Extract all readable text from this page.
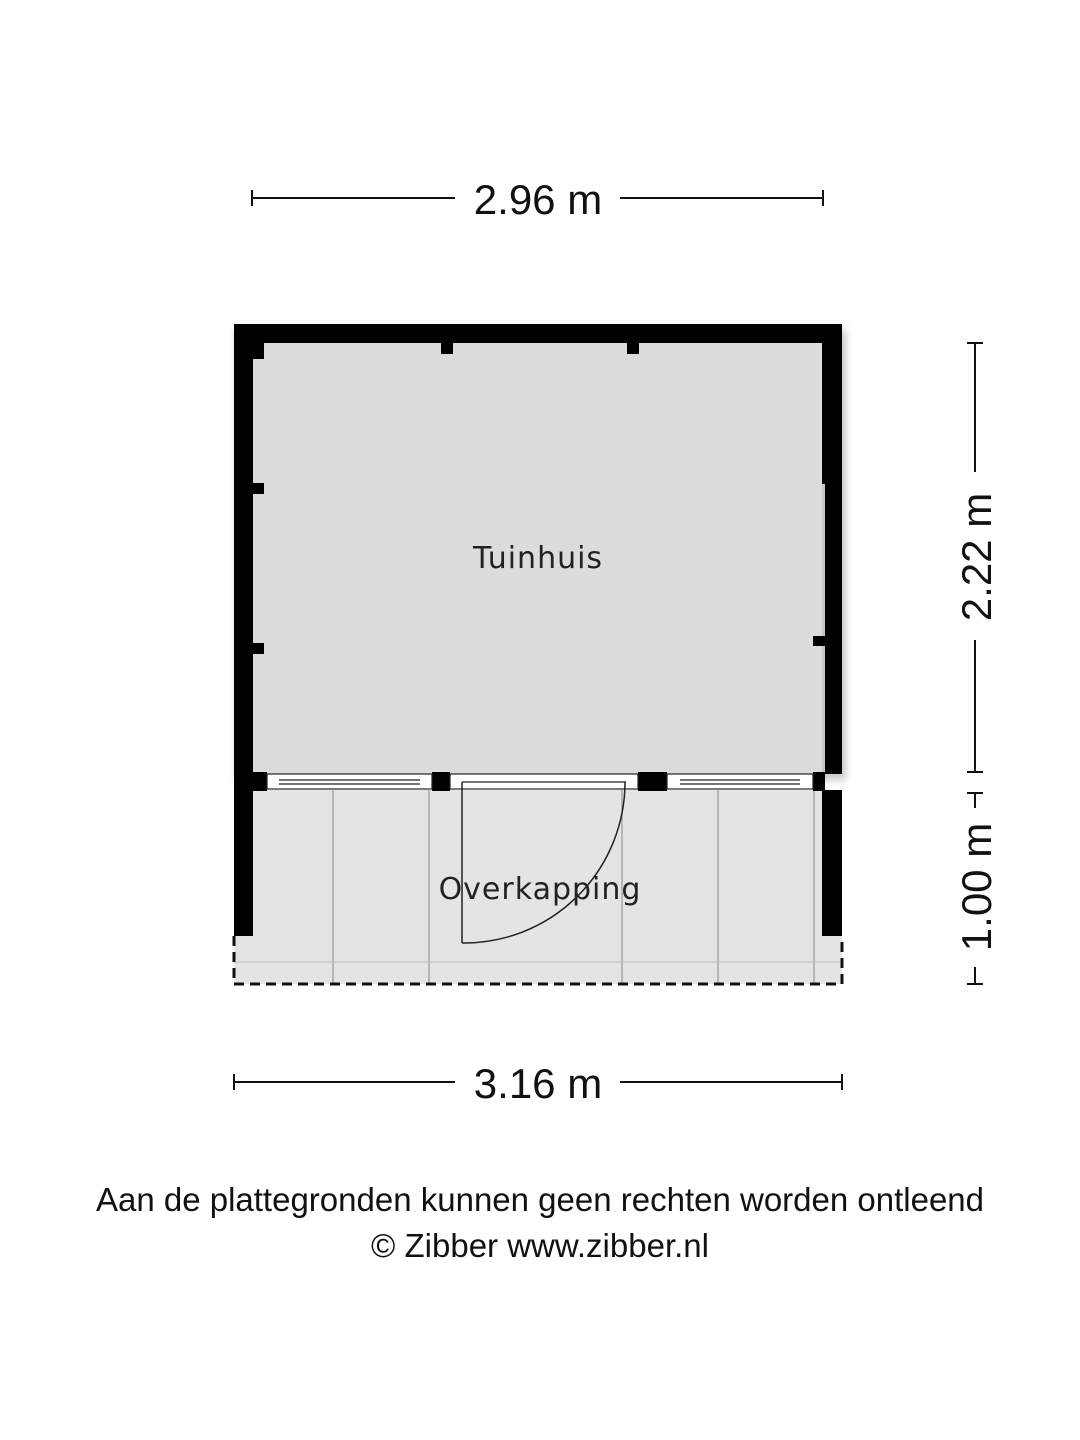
2.96 m
2.22 m
1.00 m
Tuinhuis
Overkapping
3.16 m
Aan de plattegronden kunnen geen rechten worden ontleend
© Zibber www.zibber.nl
